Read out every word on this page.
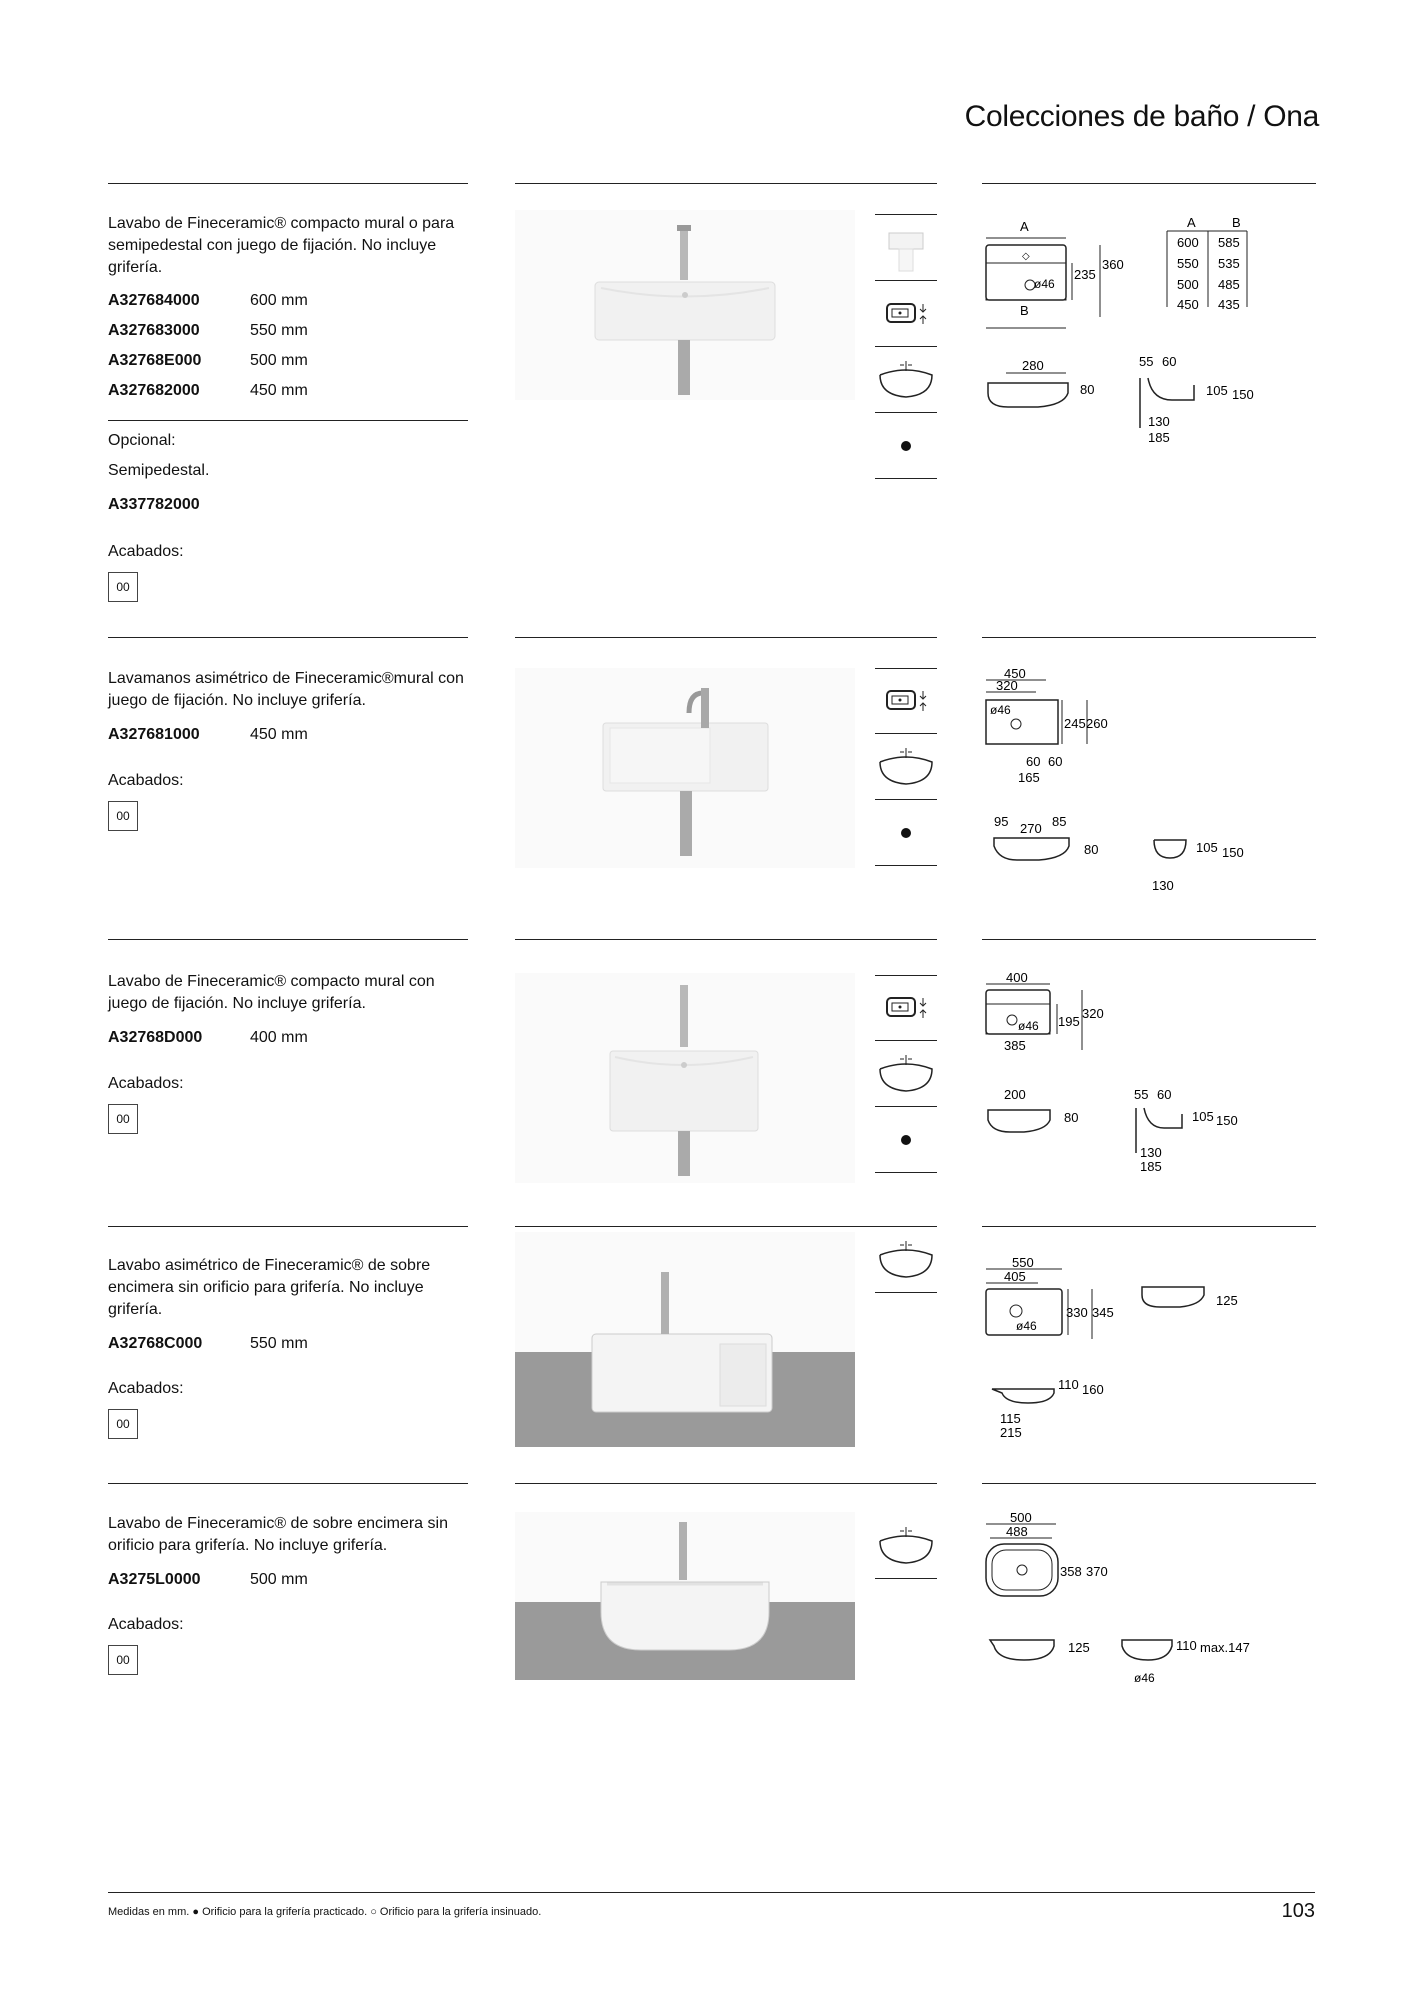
Colecciones de baño / Ona
Lavabo de Fineceramic® compacto mural o para semipedestal con juego de fijación. No incluye grifería.
A327684000	600 mm
A327683000	550 mm
A32768E000	500 mm
A327682000	450 mm
Opcional:
Semipedestal.
A337782000
Acabados:
00
A
◇
ø46
B
235
360
A	B
600 585
550 535
500 485
450 435
280
80
55 60
105 150
130
185
Lavamanos asimétrico de Fineceramic®mural con juego de fijación. No incluye grifería.
A327681000	450 mm
Acabados:
00
450
320
ø46
245 260
60 60
165
95 270 85
80	105 150
130
Lavabo de Fineceramic® compacto mural con juego de fijación. No incluye grifería.
A32768D000	400 mm
Acabados:
00
400
ø46 195
320
385
200
80
55 60
105 150
130
185
Lavabo asimétrico de Fineceramic® de sobre encimera sin orificio para grifería. No incluye grifería.
A32768C000	550 mm
Acabados:
00
550
405
ø46
330 345
125
110 160
115
215
Lavabo de Fineceramic® de sobre encimera sin orificio para grifería. No incluye grifería.
A3275L0000	500 mm
Acabados:
00
500
488
358 370
125	110 max.147
ø46
Medidas en mm. ● Orificio para la grifería practicado. ○ Orificio para la grifería insinuado.	103
